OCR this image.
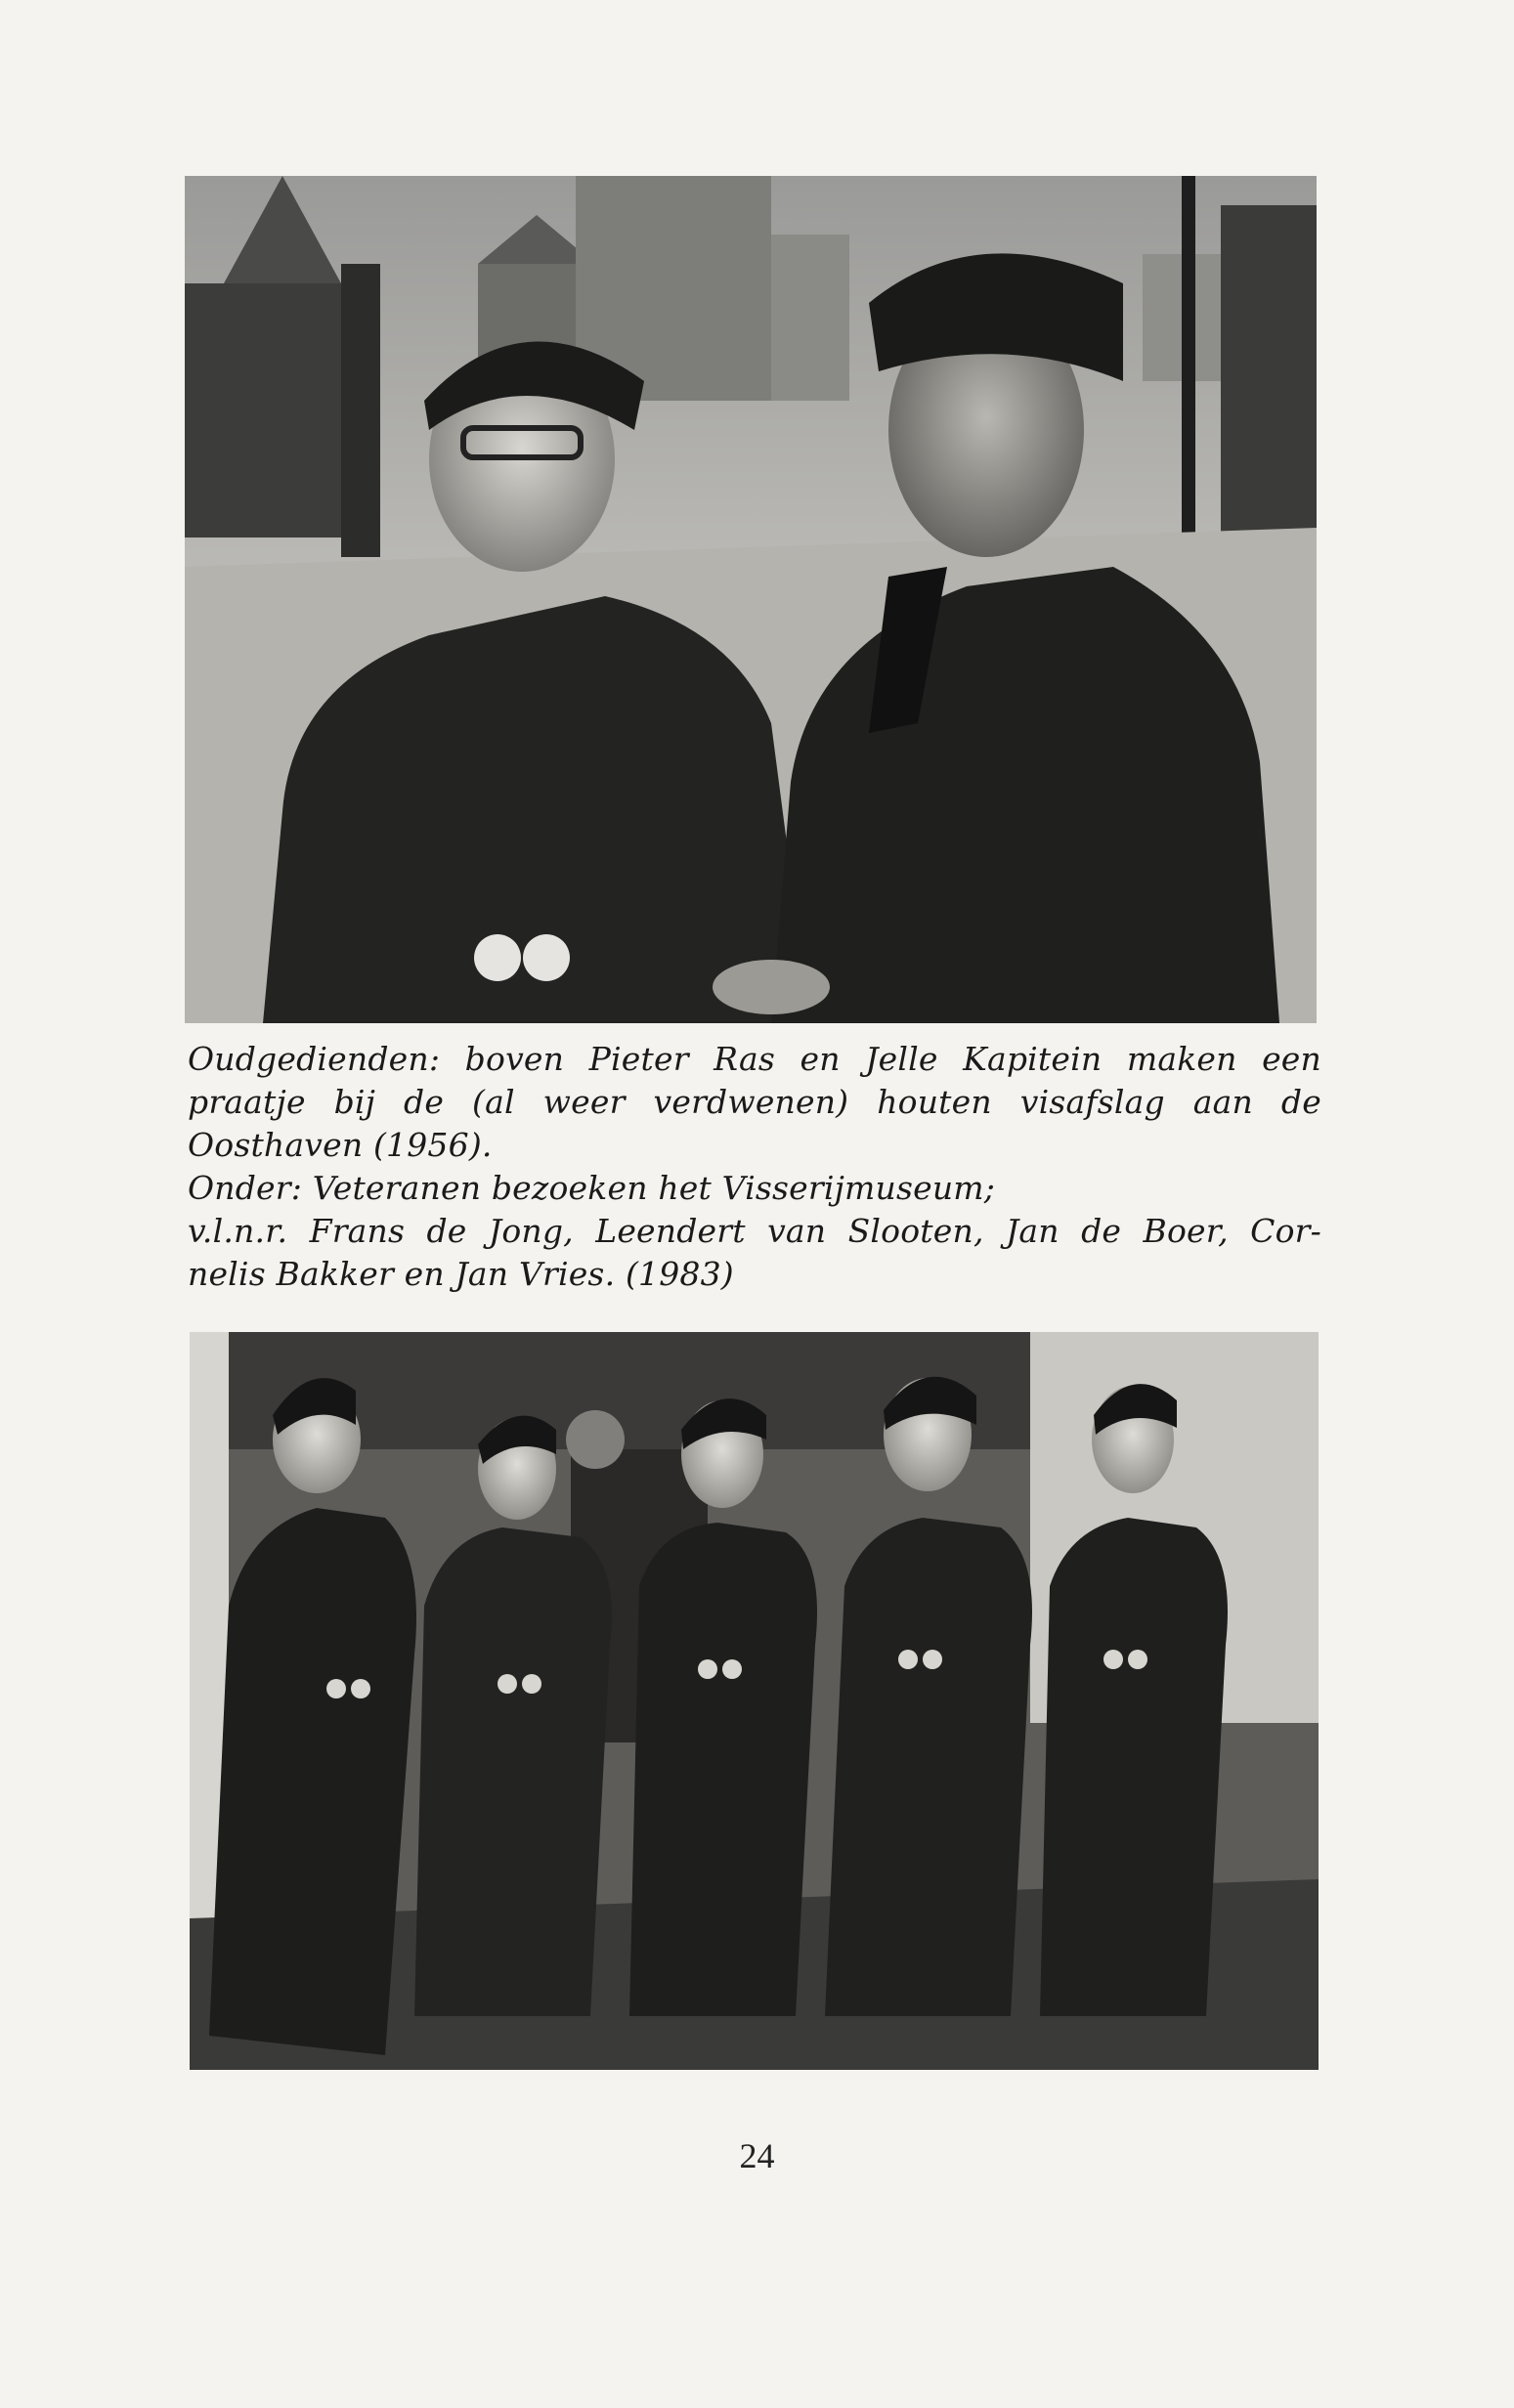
Oudgedienden: boven Pieter Ras en Jelle Kapitein maken een
praatje bij de (al weer verdwenen) houten visafslag aan de
Oosthaven (1956).
Onder: Veteranen bezoeken het Visserijmuseum;
v.l.n.r. Frans de Jong, Leendert van Slooten, Jan de Boer, Cor-
nelis Bakker en Jan Vries. (1983)
24
